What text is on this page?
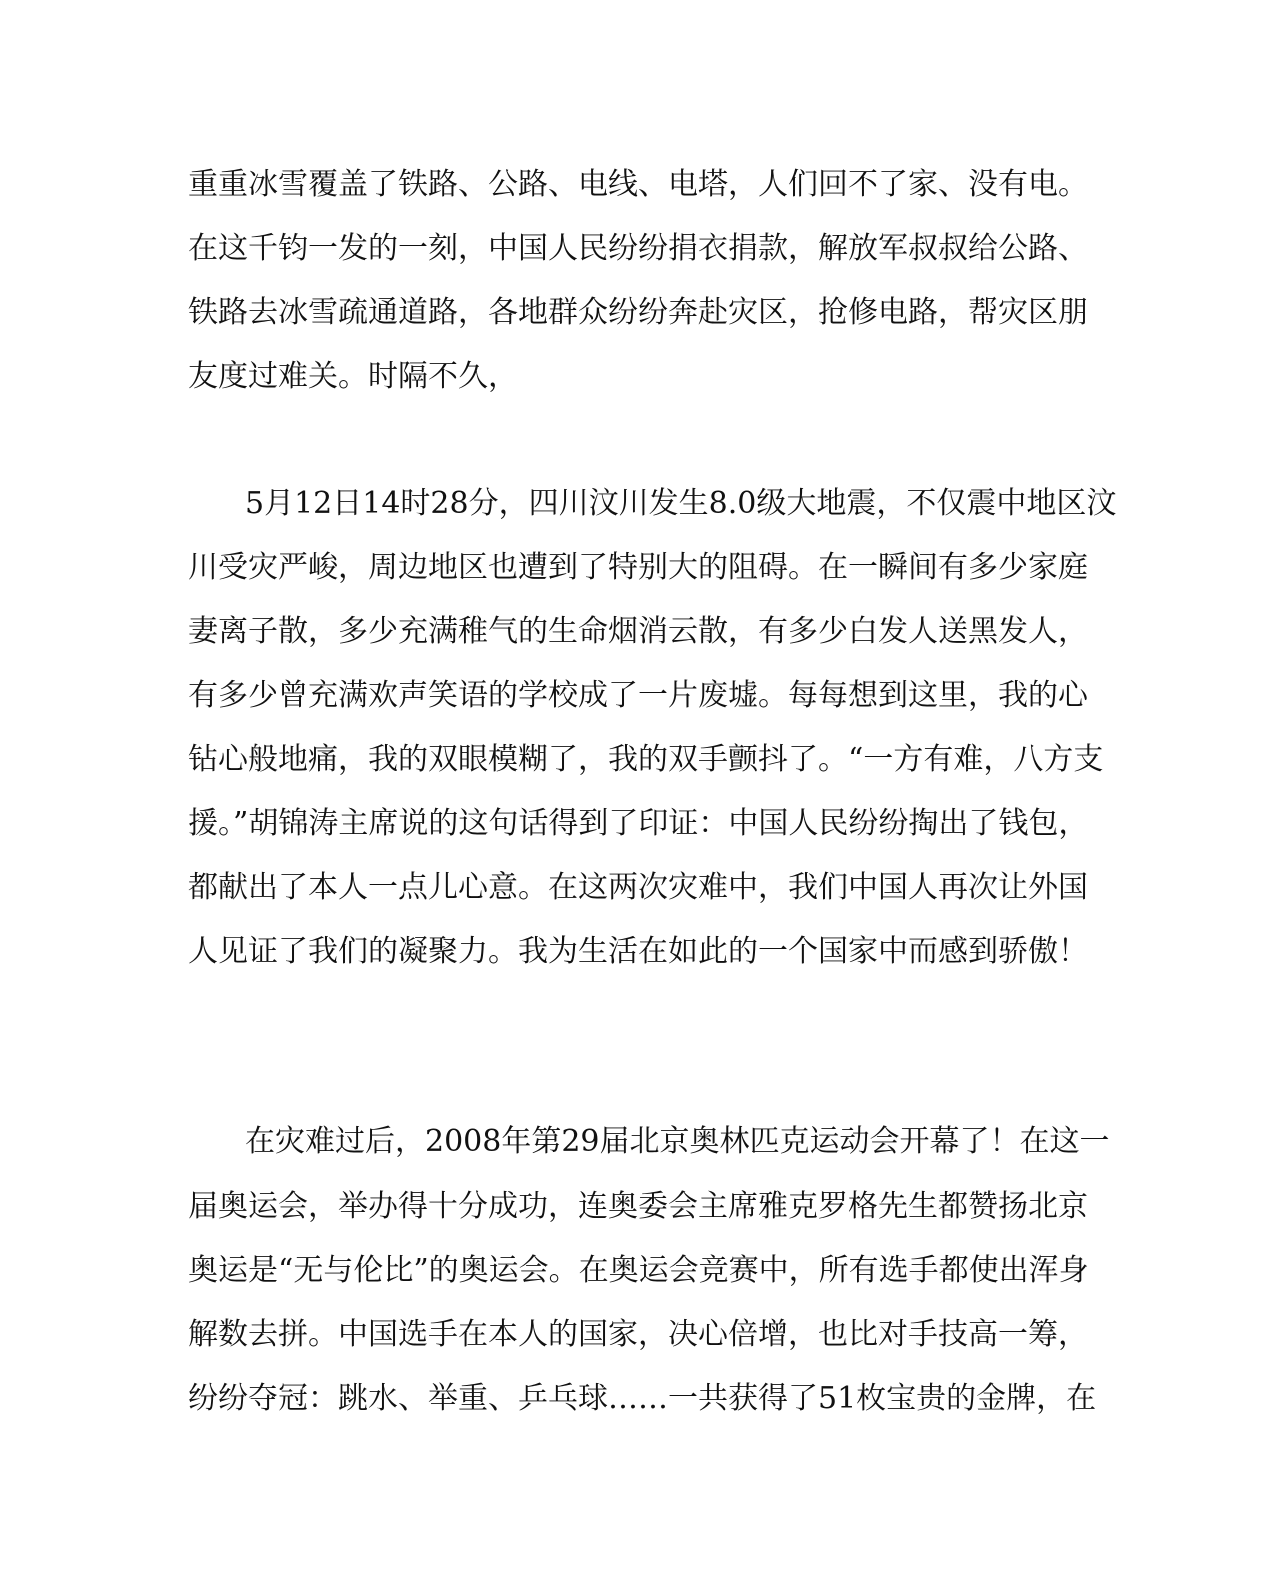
重重冰雪覆盖了铁路、公路、电线、电塔，人们回不了家、没有电。
在这千钧一发的一刻，中国人民纷纷捐衣捐款，解放军叔叔给公路、
铁路去冰雪疏通道路，各地群众纷纷奔赴灾区，抢修电路，帮灾区朋
友度过难关。时隔不久，
5月12日14时28分，四川汶川发生8.0级大地震，不仅震中地区汶
川受灾严峻，周边地区也遭到了特别大的阻碍。在一瞬间有多少家庭
妻离子散，多少充满稚气的生命烟消云散，有多少白发人送黑发人，
有多少曾充满欢声笑语的学校成了一片废墟。每每想到这里，我的心
钻心般地痛，我的双眼模糊了，我的双手颤抖了。“一方有难，八方支
援。”胡锦涛主席说的这句话得到了印证：中国人民纷纷掏出了钱包，
都献出了本人一点儿心意。在这两次灾难中，我们中国人再次让外国
人见证了我们的凝聚力。我为生活在如此的一个国家中而感到骄傲！
在灾难过后，2008年第29届北京奥林匹克运动会开幕了！在这一
届奥运会，举办得十分成功，连奥委会主席雅克罗格先生都赞扬北京
奥运是“无与伦比”的奥运会。在奥运会竞赛中，所有选手都使出浑身
解数去拼。中国选手在本人的国家，决心倍增，也比对手技高一筹，
纷纷夺冠：跳水、举重、乒乓球……一共获得了51枚宝贵的金牌，在
